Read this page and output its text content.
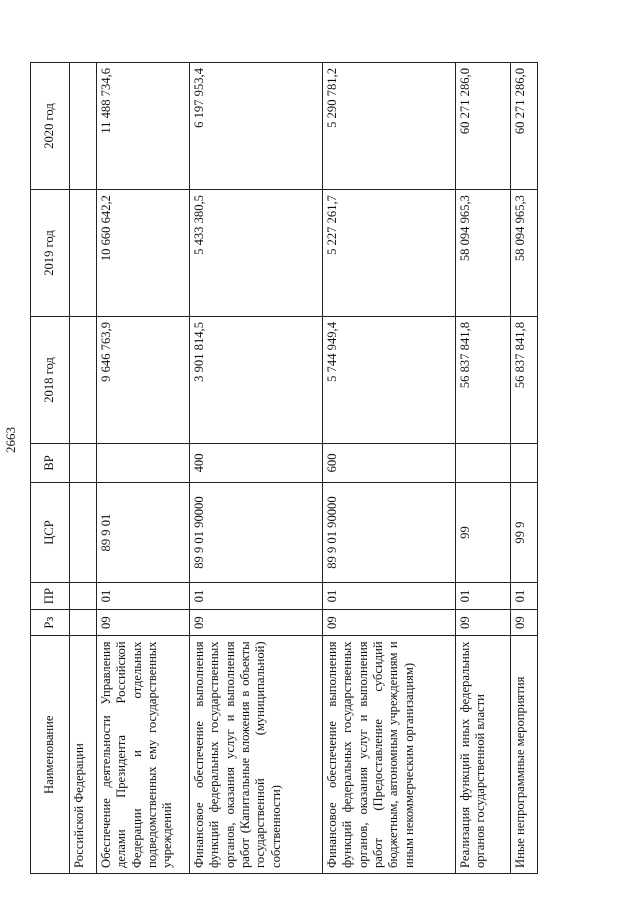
2663
Наименование	Рз	ПР	ЦСР	ВР	2018 год	2019 год	2020 год
Российской Федерации							
Обеспечение деятельности Управления делами Президента Российской Федерации и отдельных подведомственных ему государственных учреждений	09	01	89 9 01		9 646 763,9	10 660 642,2	11 488 734,6
Финансовое обеспечение выполнения функций федеральных государственных органов, оказания услуг и выполнения работ (Капитальные вложения в объекты государственной (муниципальной) собственности)	09	01	89 9 01 90000	400	3 901 814,5	5 433 380,5	6 197 953,4
Финансовое обеспечение выполнения функций федеральных государственных органов, оказания услуг и выполнения работ (Предоставление субсидий бюджетным, автономным учреждениям и иным некоммерческим организациям)	09	01	89 9 01 90000	600	5 744 949,4	5 227 261,7	5 290 781,2
Реализация функций иных федеральных органов государственной власти	09	01	99		56 837 841,8	58 094 965,3	60 271 286,0
Иные непрограммные мероприятия	09	01	99 9		56 837 841,8	58 094 965,3	60 271 286,0
